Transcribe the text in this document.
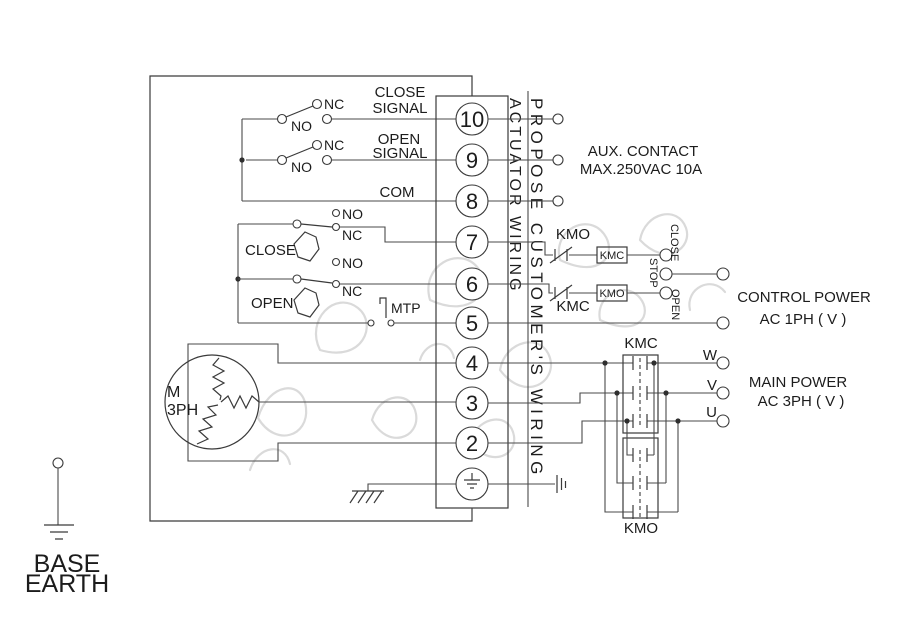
NC
NO
NC
NO
CLOSE
SIGNAL
OPEN
SIGNAL
COM
NO
NC
CLOSE
NO
NC
OPEN	MTP
M
3PH
10
9
8
7
6
5
4
3
2
ACTUATOR WIRING PROPOSE CUSTOMER'S WIRING	AUX. CONTACT
MAX.250VAC 10A
KMO
KMC	CLOSE
KMC
KMO	OPEN
STOP
CONTROL POWER
AC 1PH ( V )
KMC
KMO
W
V
U
MAIN POWER
AC 3PH ( V )
BASE
EARTH
